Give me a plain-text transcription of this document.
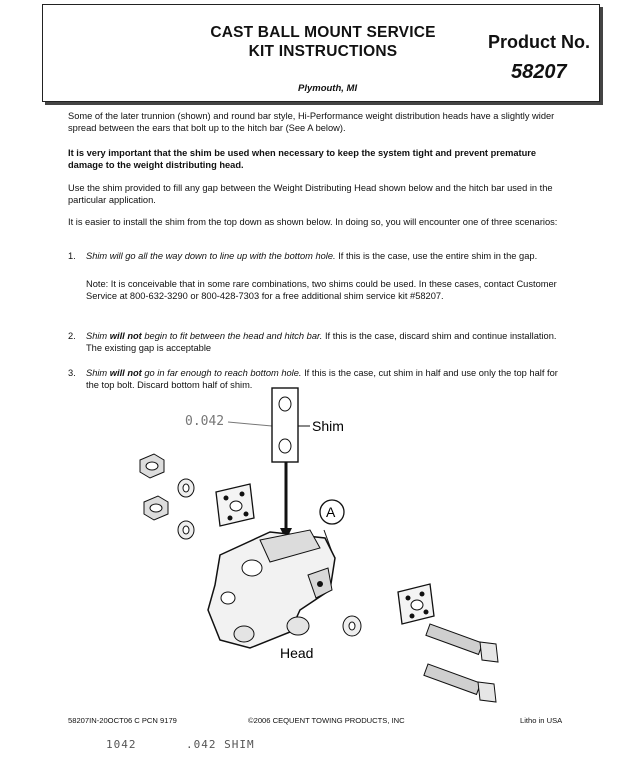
CAST BALL MOUNT SERVICE
KIT INSTRUCTIONS
Plymouth, MI
Product No.
58207
Some of the later trunnion (shown) and round bar style, Hi-Performance weight distribution heads have a slightly wider spread between the ears that bolt up to the hitch bar (See A below).
It is very important that the shim be used when necessary to keep the system tight and prevent premature damage to the weight distributing head.
Use the shim provided to fill any gap between the Weight Distributing Head shown below and the hitch bar used in the particular application.
It is easier to install the shim from the top down as shown below. In doing so, you will encounter one of three scenarios:
1. Shim will go all the way down to line up with the bottom hole. If this is the case, use the entire shim in the gap.
Note: It is conceivable that in some rare combinations, two shims could be used. In these cases, contact Customer Service at 800-632-3290 or 800-428-7303 for a free additional shim service kit #58207.
2. Shim will not begin to fit between the head and hitch bar. If this is the case, discard shim and continue installation. The existing gap is acceptable
3. Shim will not go in far enough to reach bottom hole. If this is the case, cut shim in half and use only the top half for the top bolt. Discard bottom half of shim.
0.042	Shim
A
Head
58207IN-20OCT06 C PCN 9179	©2006 CEQUENT TOWING PRODUCTS, INC	Litho in USA
1042	.042 SHIM
